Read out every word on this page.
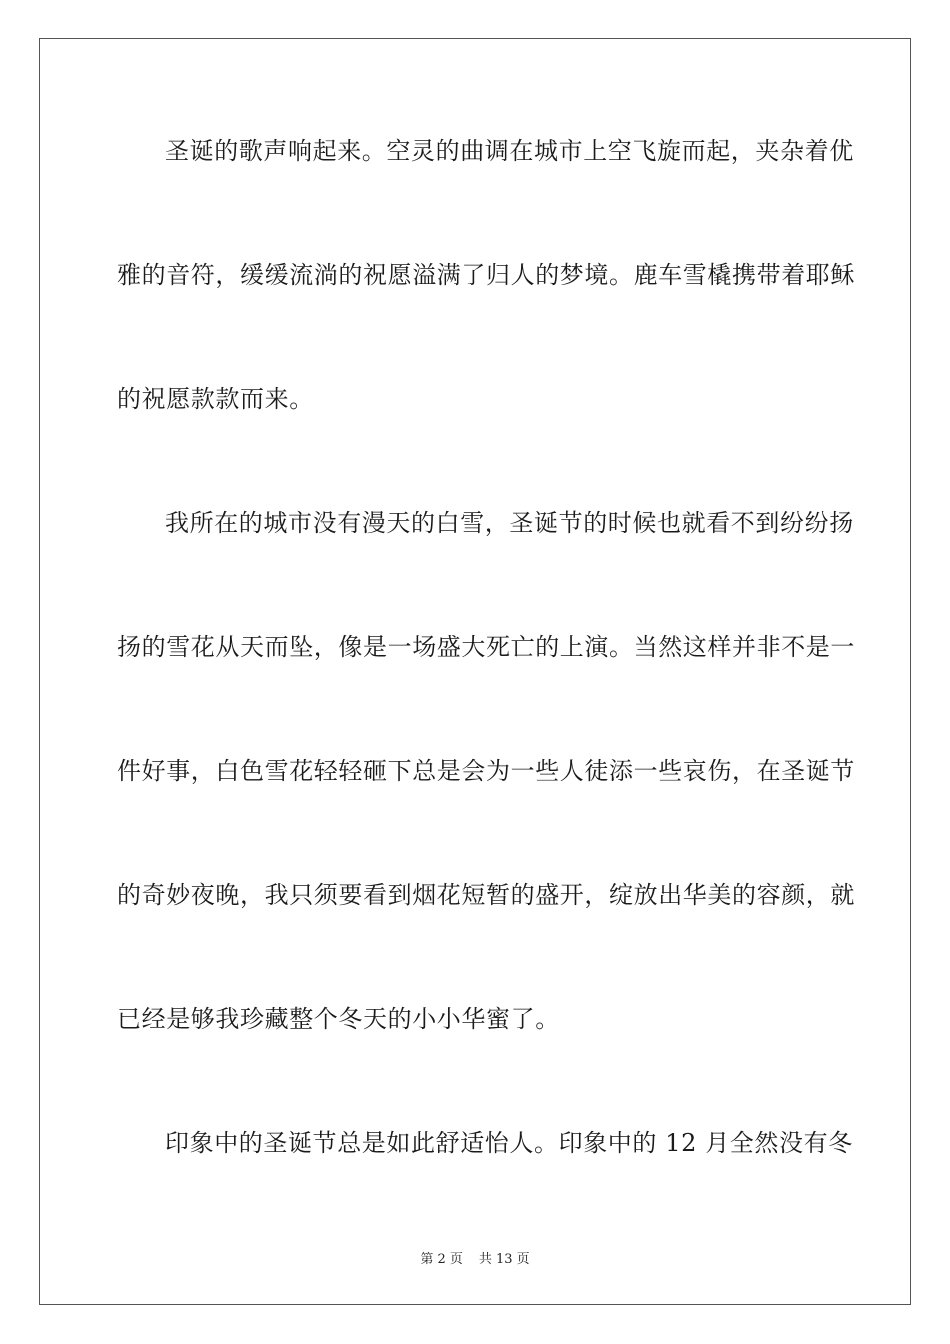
圣诞的歌声响起来。空灵的曲调在城市上空飞旋而起，夹杂着优
雅的音符，缓缓流淌的祝愿溢满了归人的梦境。鹿车雪橇携带着耶稣
的祝愿款款而来。
我所在的城市没有漫天的白雪，圣诞节的时候也就看不到纷纷扬
扬的雪花从天而坠，像是一场盛大死亡的上演。当然这样并非不是一
件好事，白色雪花轻轻砸下总是会为一些人徒添一些哀伤，在圣诞节
的奇妙夜晚，我只须要看到烟花短暂的盛开，绽放出华美的容颜，就
已经是够我珍藏整个冬天的小小华蜜了。
印象中的圣诞节总是如此舒适怡人。印象中的 12 月全然没有冬
第 2 页 共 13 页
